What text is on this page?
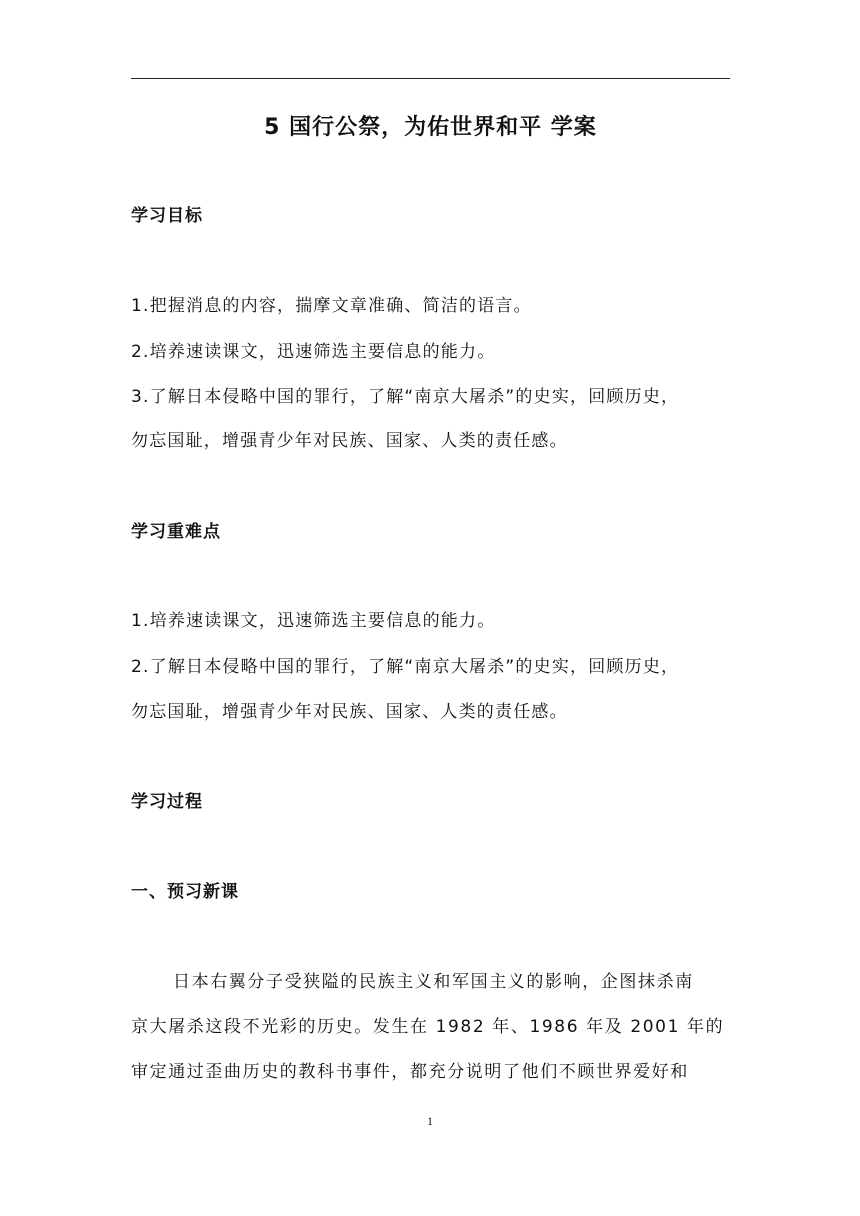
5 国行公祭，为佑世界和平 学案
学习目标

1.把握消息的内容，揣摩文章准确、简洁的语言。

2.培养速读课文，迅速筛选主要信息的能力。

3.了解日本侵略中国的罪行，了解“南京大屠杀”的史实，回顾历史，

勿忘国耻，增强青少年对民族、国家、人类的责任感。

学习重难点

1.培养速读课文，迅速筛选主要信息的能力。

2.了解日本侵略中国的罪行，了解“南京大屠杀”的史实，回顾历史，

勿忘国耻，增强青少年对民族、国家、人类的责任感。

学习过程
一、预习新课

日本右翼分子受狭隘的民族主义和军国主义的影响，企图抹杀南

京大屠杀这段不光彩的历史。发生在 1982 年、1986 年及 2001 年的

审定通过歪曲历史的教科书事件，都充分说明了他们不顾世界爱好和

1
